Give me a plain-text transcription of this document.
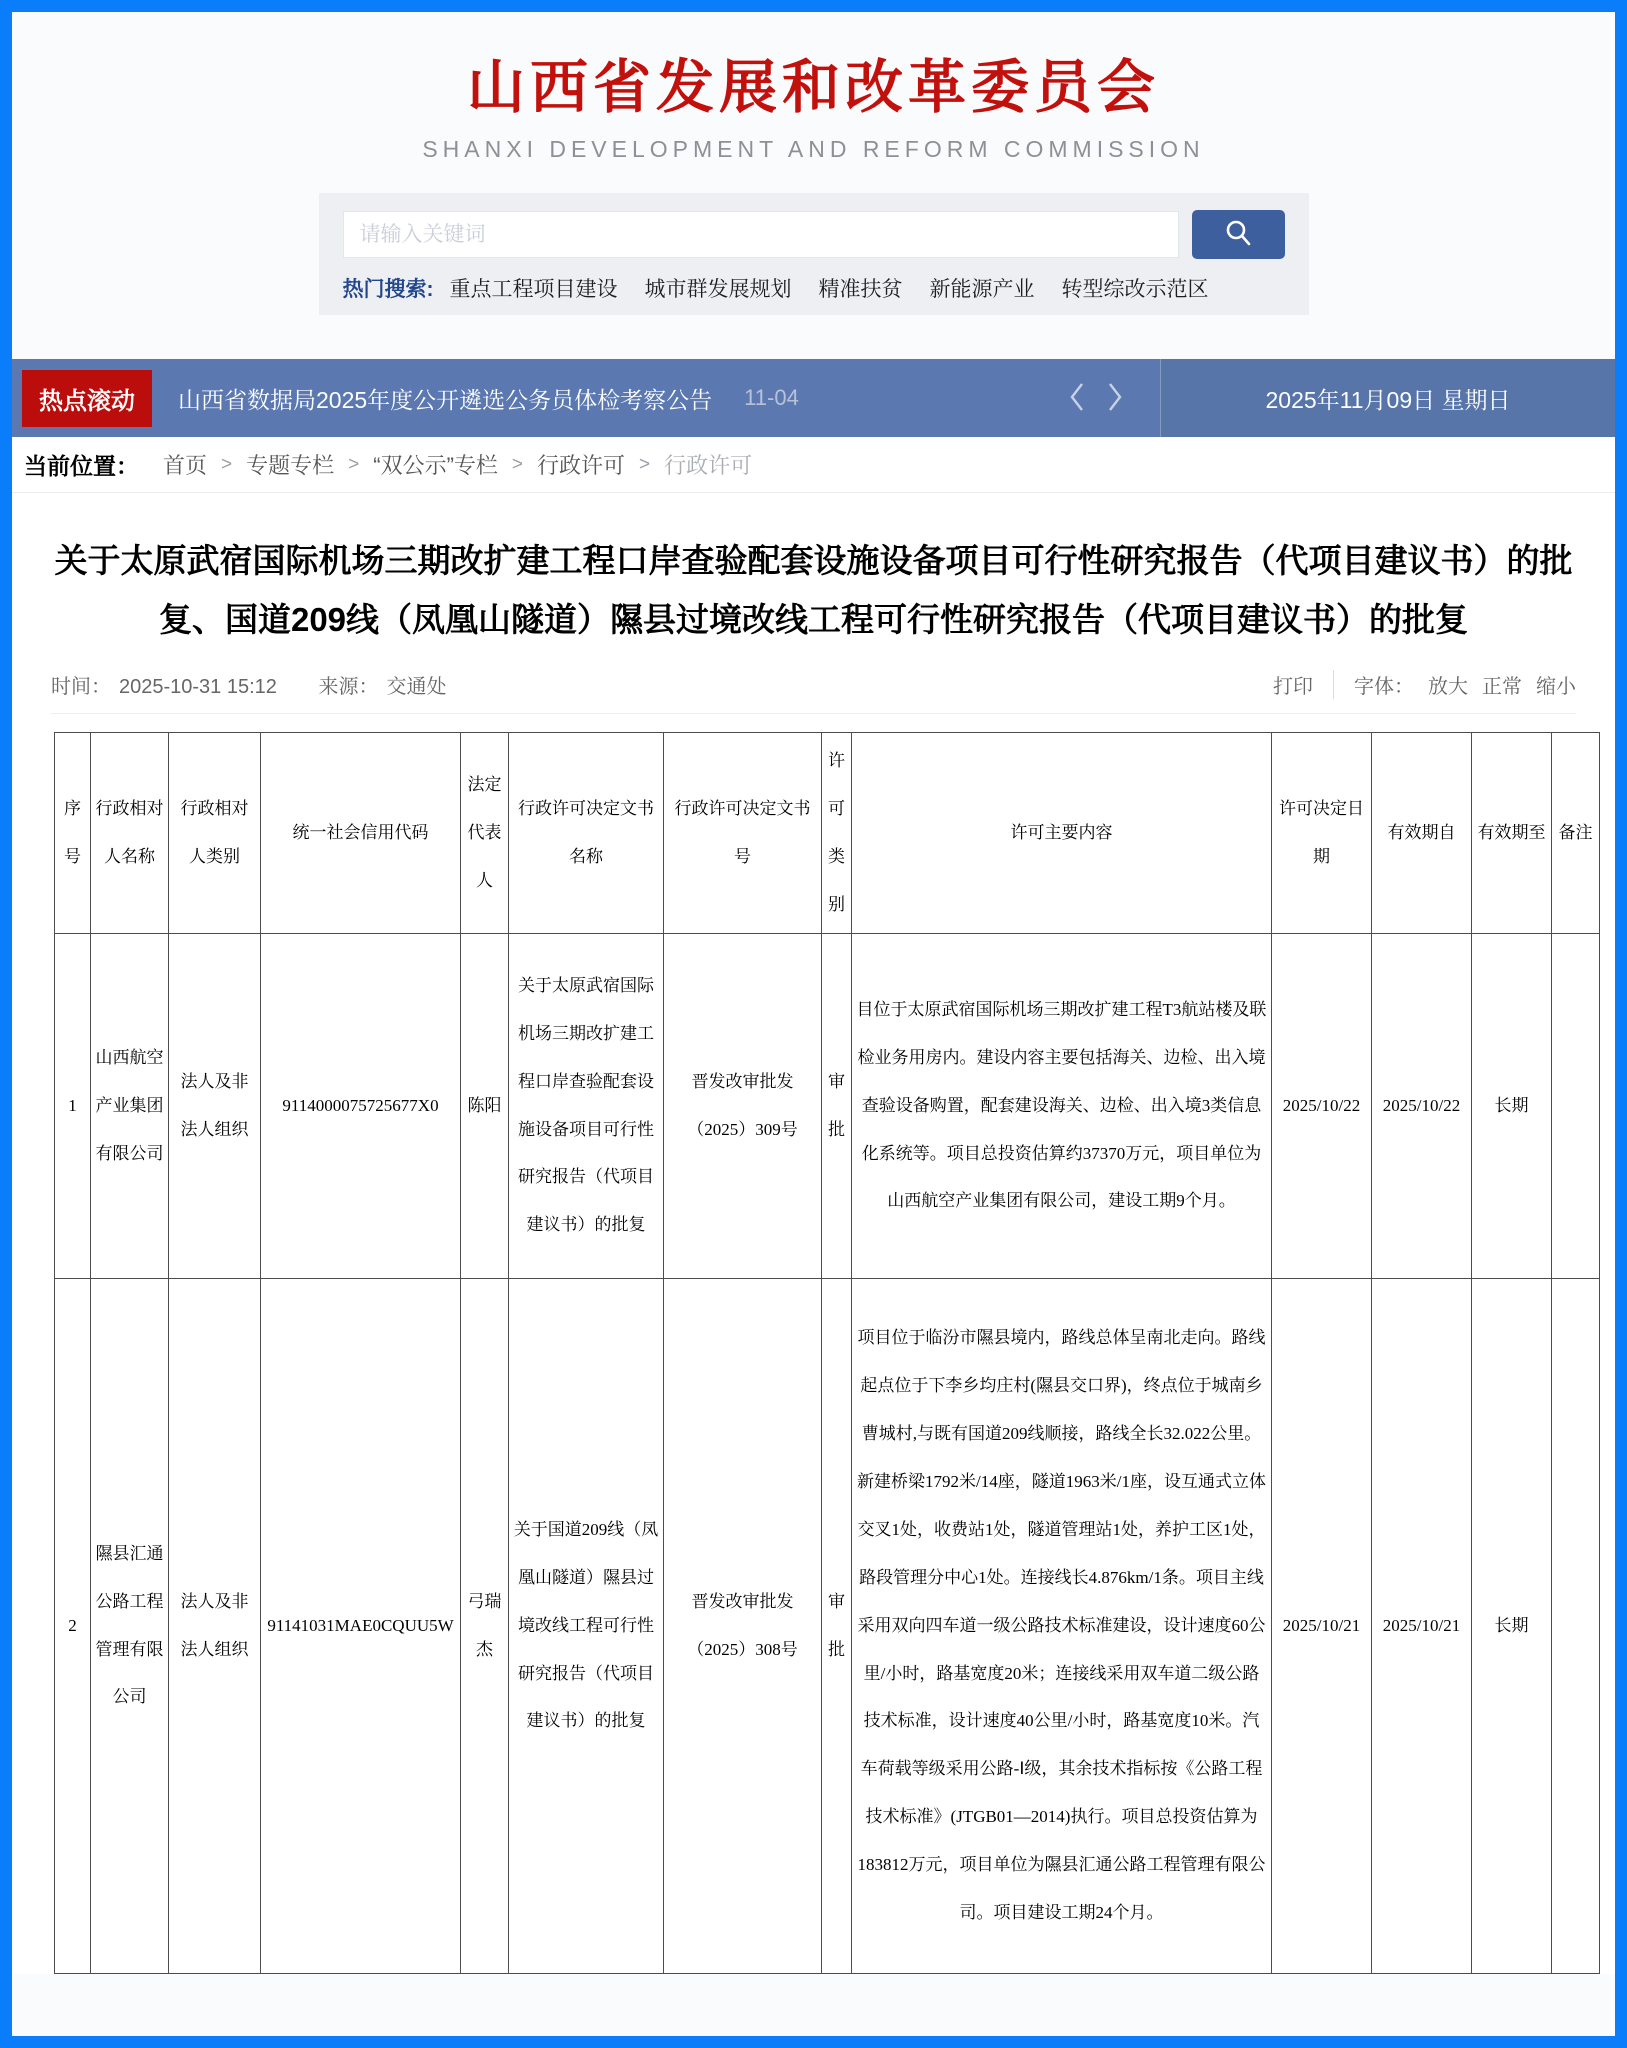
山西省发展和改革委员会
SHANXI DEVELOPMENT AND REFORM COMMISSION
请输入关键词
热门搜索: 重点工程项目建设 城市群发展规划 精准扶贫 新能源产业 转型综改示范区
热点滚动	山西省数据局2025年度公开遴选公务员体检考察公告 11-04	2025年11月09日 星期日
当前位置： 首页 > 专题专栏 > “双公示”专栏 > 行政许可 > 行政许可
关于太原武宿国际机场三期改扩建工程口岸查验配套设施设备项目可行性研究报告（代项目建议书）的批复、国道209线（凤凰山隧道）隰县过境改线工程可行性研究报告（代项目建议书）的批复
时间： 2025-10-31 15:12 来源： 交通处	打印	字体： 放大 正常 缩小
序号	行政相对人名称	行政相对人类别	统一社会信用代码	法定代表人	行政许可决定文书名称	行政许可决定文书号	许可类别	许可主要内容	许可决定日期	有效期自	有效期至	备注
1	山西航空产业集团有限公司	法人及非法人组织	9114000075725677X0	陈阳	关于太原武宿国际机场三期改扩建工程口岸查验配套设施设备项目可行性研究报告（代项目建议书）的批复	晋发改审批发（2025）309号	审批	目位于太原武宿国际机场三期改扩建工程T3航站楼及联检业务用房内。建设内容主要包括海关、边检、出入境查验设备购置，配套建设海关、边检、出入境3类信息化系统等。项目总投资估算约37370万元，项目单位为山西航空产业集团有限公司，建设工期9个月。	2025/10/22	2025/10/22	长期	
2	隰县汇通公路工程管理有限公司	法人及非法人组织	91141031MAE0CQUU5W	弓瑞杰	关于国道209线（凤凰山隧道）隰县过境改线工程可行性研究报告（代项目建议书）的批复	晋发改审批发（2025）308号	审批	项目位于临汾市隰县境内，路线总体呈南北走向。路线起点位于下李乡均庄村(隰县交口界)，终点位于城南乡曹城村,与既有国道209线顺接，路线全长32.022公里。新建桥梁1792米/14座，隧道1963米/1座，设互通式立体交叉1处，收费站1处，隧道管理站1处，养护工区1处，路段管理分中心1处。连接线长4.876km/1条。项目主线采用双向四车道一级公路技术标准建设，设计速度60公里/小时，路基宽度20米；连接线采用双车道二级公路技术标准，设计速度40公里/小时，路基宽度10米。汽车荷载等级采用公路-Ⅰ级，其余技术指标按《公路工程技术标准》(JTGB01—2014)执行。项目总投资估算为183812万元，项目单位为隰县汇通公路工程管理有限公司。项目建设工期24个月。	2025/10/21	2025/10/21	长期	
